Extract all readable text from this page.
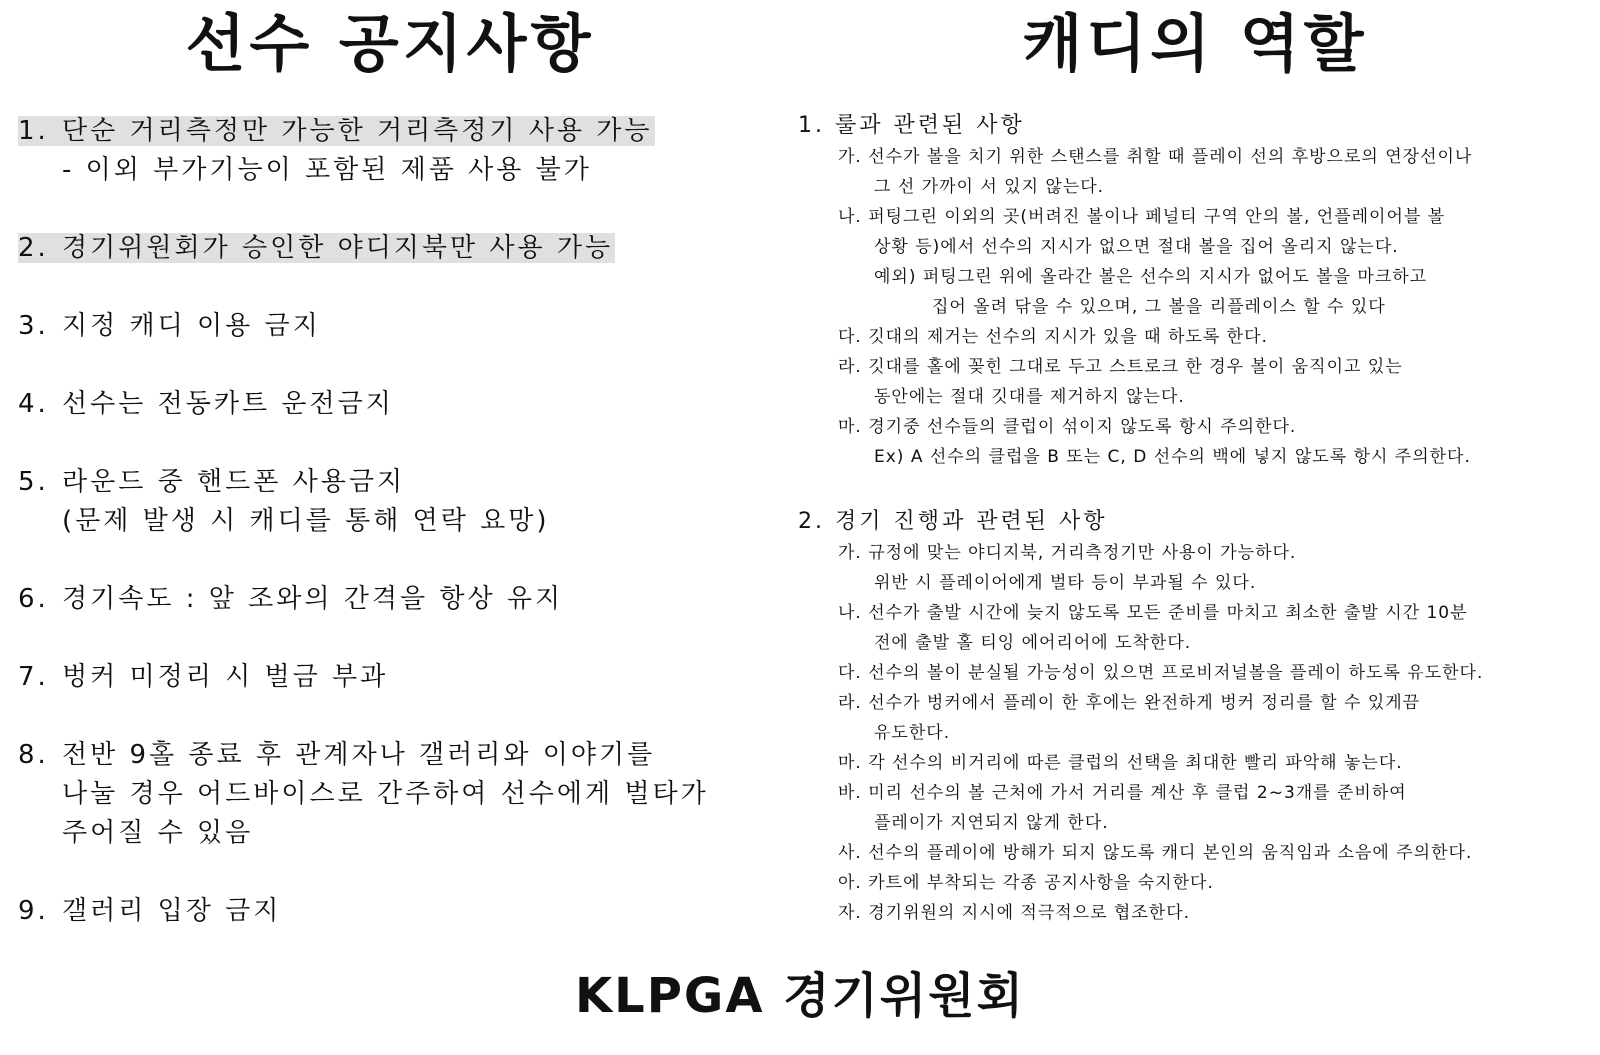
선수 공지사항	캐디의 역할
1. 단순 거리측정만 가능한 거리측정기 사용 가능
- 이외 부가기능이 포함된 제품 사용 불가
2. 경기위원회가 승인한 야디지북만 사용 가능
3. 지정 캐디 이용 금지
4. 선수는 전동카트 운전금지
5. 라운드 중 핸드폰 사용금지
(문제 발생 시 캐디를 통해 연락 요망)
6. 경기속도 : 앞 조와의 간격을 항상 유지
7. 벙커 미정리 시 벌금 부과
8. 전반 9홀 종료 후 관계자나 갤러리와 이야기를
나눌 경우 어드바이스로 간주하여 선수에게 벌타가
주어질 수 있음
9. 갤러리 입장 금지
1. 룰과 관련된 사항
가. 선수가 볼을 치기 위한 스탠스를 취할 때 플레이 선의 후방으로의 연장선이나
그 선 가까이 서 있지 않는다.
나. 퍼팅그린 이외의 곳(버려진 볼이나 페널티 구역 안의 볼, 언플레이어블 볼
상황 등)에서 선수의 지시가 없으면 절대 볼을 집어 올리지 않는다.
예외) 퍼팅그린 위에 올라간 볼은 선수의 지시가 없어도 볼을 마크하고
집어 올려 닦을 수 있으며, 그 볼을 리플레이스 할 수 있다
다. 깃대의 제거는 선수의 지시가 있을 때 하도록 한다.
라. 깃대를 홀에 꽂힌 그대로 두고 스트로크 한 경우 볼이 움직이고 있는
동안에는 절대 깃대를 제거하지 않는다.
마. 경기중 선수들의 클럽이 섞이지 않도록 항시 주의한다.
Ex) A 선수의 클럽을 B 또는 C, D 선수의 백에 넣지 않도록 항시 주의한다.
2. 경기 진행과 관련된 사항
가. 규정에 맞는 야디지북, 거리측정기만 사용이 가능하다.
위반 시 플레이어에게 벌타 등이 부과될 수 있다.
나. 선수가 출발 시간에 늦지 않도록 모든 준비를 마치고 최소한 출발 시간 10분
전에 출발 홀 티잉 에어리어에 도착한다.
다. 선수의 볼이 분실될 가능성이 있으면 프로비저널볼을 플레이 하도록 유도한다.
라. 선수가 벙커에서 플레이 한 후에는 완전하게 벙커 정리를 할 수 있게끔
유도한다.
마. 각 선수의 비거리에 따른 클럽의 선택을 최대한 빨리 파악해 놓는다.
바. 미리 선수의 볼 근처에 가서 거리를 계산 후 클럽 2~3개를 준비하여
플레이가 지연되지 않게 한다.
사. 선수의 플레이에 방해가 되지 않도록 캐디 본인의 움직임과 소음에 주의한다.
아. 카트에 부착되는 각종 공지사항을 숙지한다.
자. 경기위원의 지시에 적극적으로 협조한다.
KLPGA 경기위원회
